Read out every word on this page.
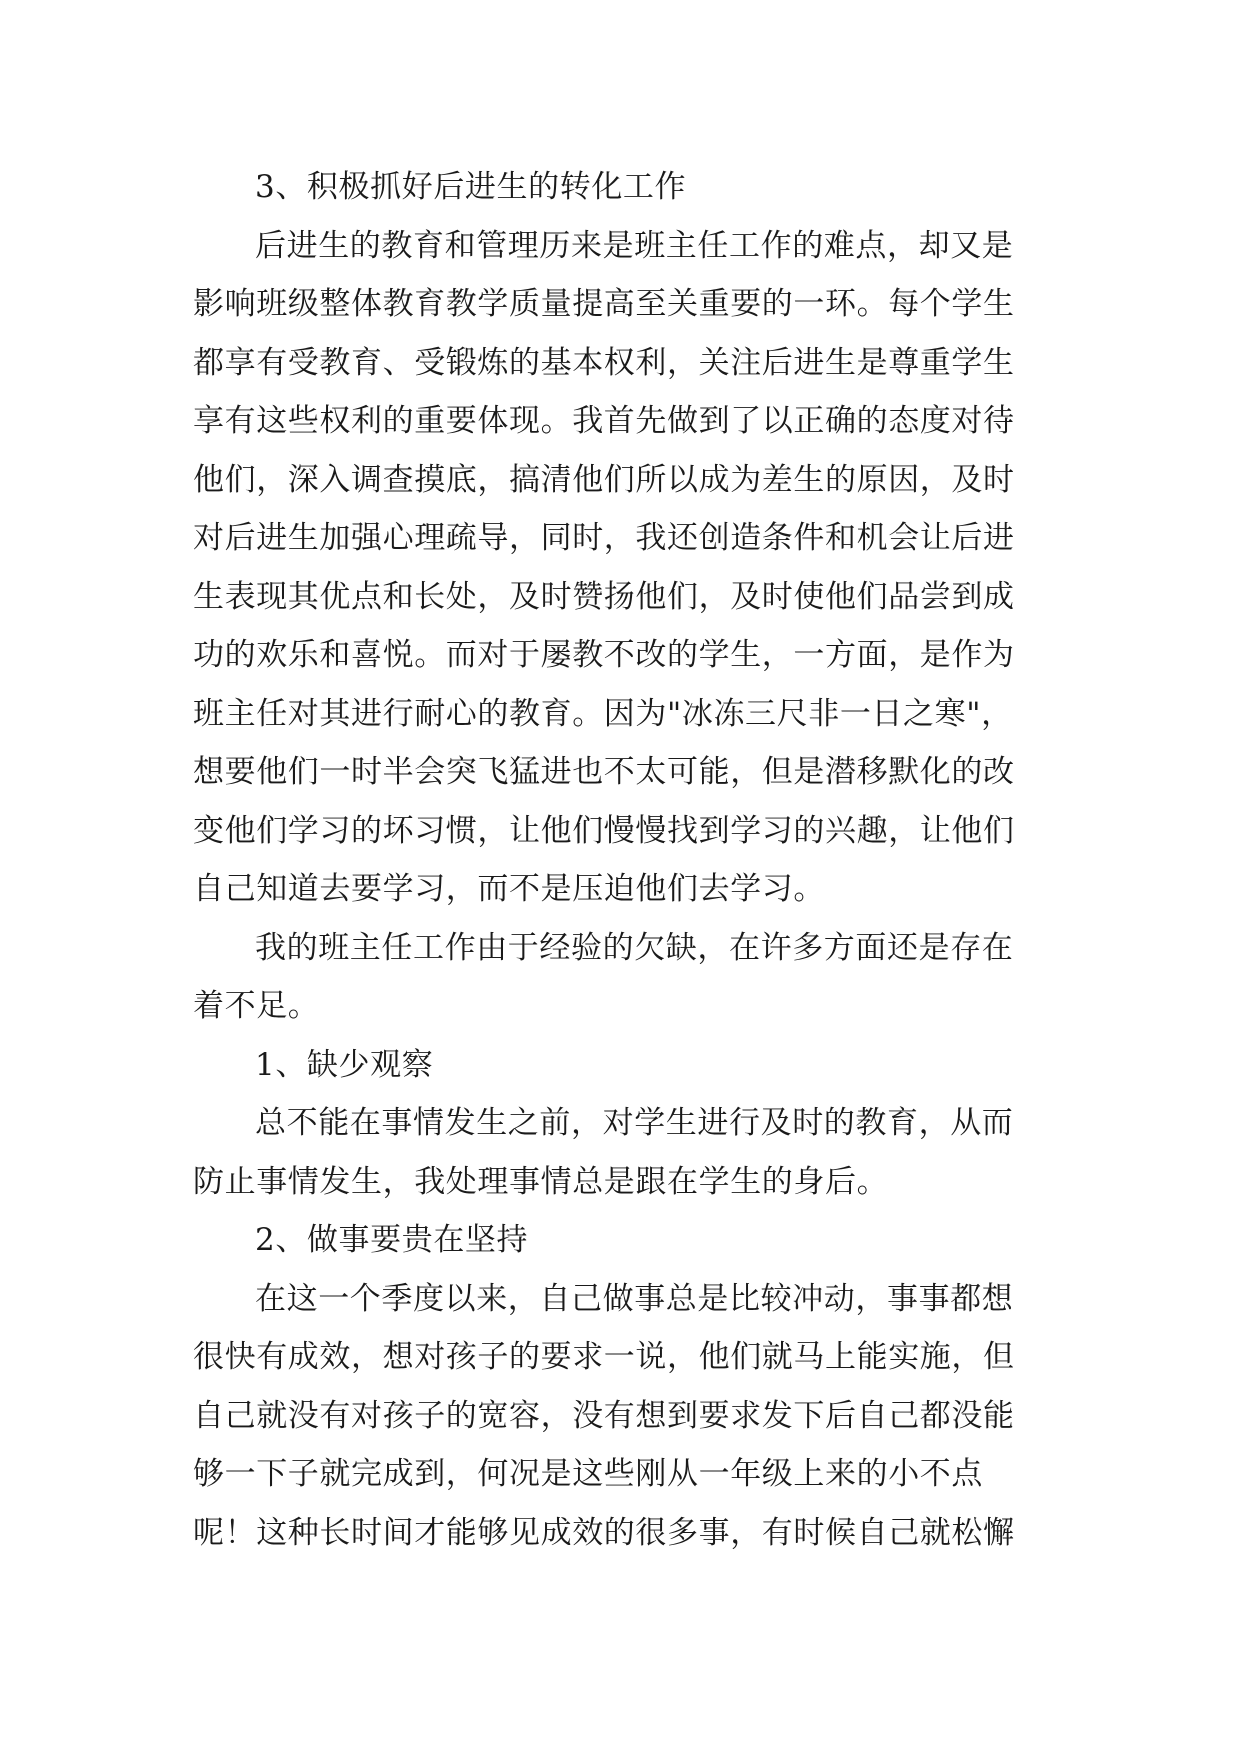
3、积极抓好后进生的转化工作
后进生的教育和管理历来是班主任工作的难点，却又是
影响班级整体教育教学质量提高至关重要的一环。每个学生
都享有受教育、受锻炼的基本权利，关注后进生是尊重学生
享有这些权利的重要体现。我首先做到了以正确的态度对待
他们，深入调查摸底，搞清他们所以成为差生的原因，及时
对后进生加强心理疏导，同时，我还创造条件和机会让后进
生表现其优点和长处，及时赞扬他们，及时使他们品尝到成
功的欢乐和喜悦。而对于屡教不改的学生，一方面，是作为
班主任对其进行耐心的教育。因为"冰冻三尺非一日之寒"，
想要他们一时半会突飞猛进也不太可能，但是潜移默化的改
变他们学习的坏习惯，让他们慢慢找到学习的兴趣，让他们
自己知道去要学习，而不是压迫他们去学习。
我的班主任工作由于经验的欠缺，在许多方面还是存在
着不足。
1、缺少观察
总不能在事情发生之前，对学生进行及时的教育，从而
防止事情发生，我处理事情总是跟在学生的身后。
2、做事要贵在坚持
在这一个季度以来，自己做事总是比较冲动，事事都想
很快有成效，想对孩子的要求一说，他们就马上能实施，但
自己就没有对孩子的宽容，没有想到要求发下后自己都没能
够一下子就完成到，何况是这些刚从一年级上来的小不点
呢！这种长时间才能够见成效的很多事，有时候自己就松懈
